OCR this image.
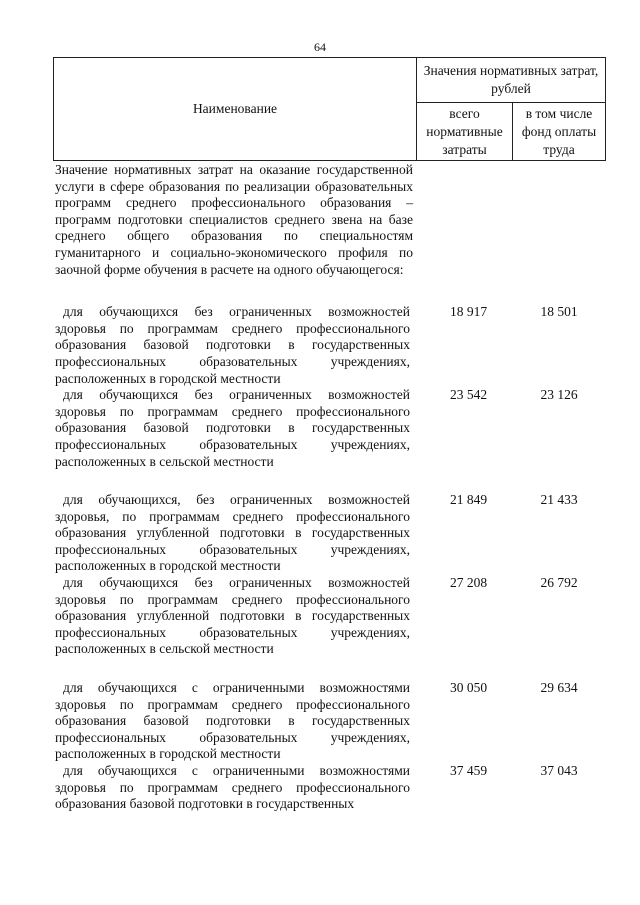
64
Наименование
Значения нормативных затрат, рублей
всего нормативные затраты
в том числе фонд оплаты труда
Значение нормативных затрат на оказание государственной услуги в сфере образования по реализации образовательных программ среднего профессионального образования – программ подготовки специалистов среднего звена на базе среднего общего образования по специальностям гуманитарного и социально-экономического профиля по заочной форме обучения в расчете на одного обучающегося:
для обучающихся без ограниченных возможностей здоровья по программам среднего профессионального образования базовой подготовки в государственных профессиональных образовательных учреждениях, расположенных в городской местности
18 917	18 501
для обучающихся без ограниченных возможностей здоровья по программам среднего профессионального образования базовой подготовки в государственных профессиональных образовательных учреждениях, расположенных в сельской местности
23 542	23 126
для обучающихся, без ограниченных возможностей здоровья, по программам среднего профессионального образования углубленной подготовки в государственных профессиональных образовательных учреждениях, расположенных в городской местности
21 849	21 433
для обучающихся без ограниченных возможностей здоровья по программам среднего профессионального образования углубленной подготовки в государственных профессиональных образовательных учреждениях, расположенных в сельской местности
27 208	26 792
для обучающихся с ограниченными возможностями здоровья по программам среднего профессионального образования базовой подготовки в государственных профессиональных образовательных учреждениях, расположенных в городской местности
30 050	29 634
для обучающихся с ограниченными возможностями здоровья по программам среднего профессионального образования базовой подготовки в государственных
37 459	37 043
